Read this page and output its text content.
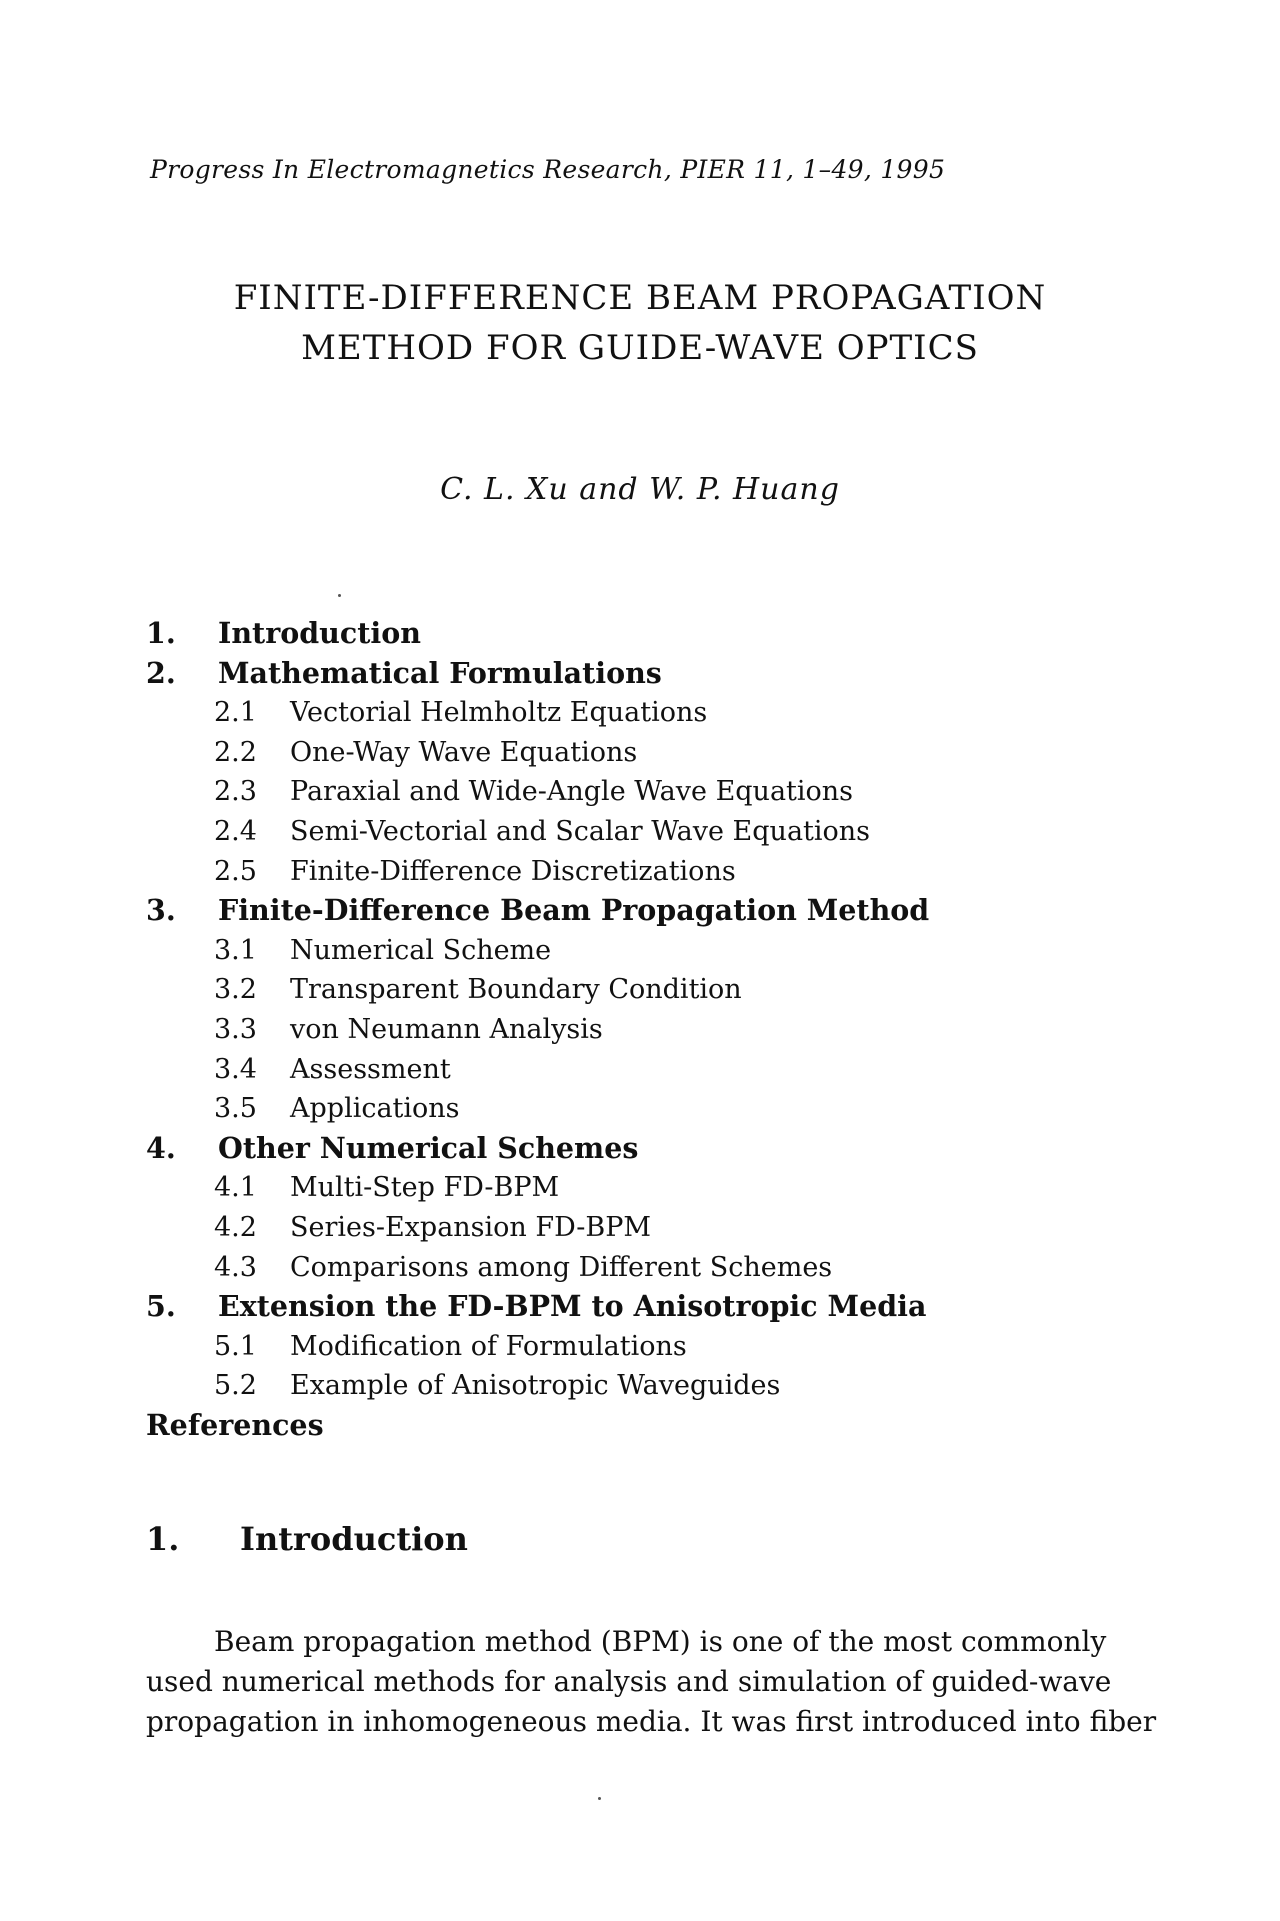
Progress In Electromagnetics Research, PIER 11, 1–49, 1995
FINITE-DIFFERENCE BEAM PROPAGATION
METHOD FOR GUIDE-WAVE OPTICS
C. L. Xu and W. P. Huang
1. Introduction
2. Mathematical Formulations
2.1 Vectorial Helmholtz Equations
2.2 One-Way Wave Equations
2.3 Paraxial and Wide-Angle Wave Equations
2.4 Semi-Vectorial and Scalar Wave Equations
2.5 Finite-Difference Discretizations
3. Finite-Difference Beam Propagation Method
3.1 Numerical Scheme
3.2 Transparent Boundary Condition
3.3 von Neumann Analysis
3.4 Assessment
3.5 Applications
4. Other Numerical Schemes
4.1 Multi-Step FD-BPM
4.2 Series-Expansion FD-BPM
4.3 Comparisons among Different Schemes
5. Extension the FD-BPM to Anisotropic Media
5.1 Modification of Formulations
5.2 Example of Anisotropic Waveguides
References
1. Introduction
Beam propagation method (BPM) is one of the most commonly
used numerical methods for analysis and simulation of guided-wave
propagation in inhomogeneous media. It was first introduced into fiber
